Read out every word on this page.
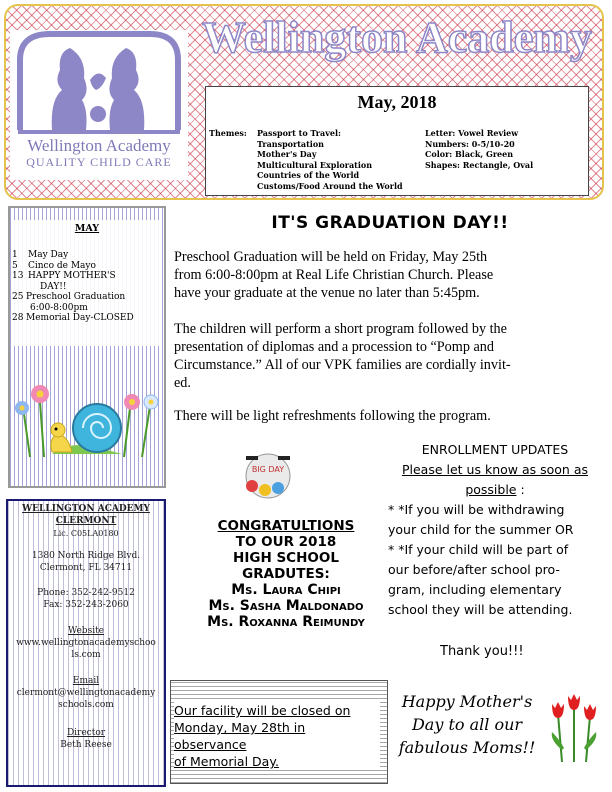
Wellington Academy
QUALITY CHILD CARE
Wellington Academy
May, 2018
Themes: Passport to Travel:
Transportation
Mother's Day
Multicultural Exploration
Countries of the World
Customs/Food Around the World
Letter: Vowel Review
Numbers: 0-5/10-20
Color: Black, Green
Shapes: Rectangle, Oval
MAY
1 May Day
5 Cinco de Mayo
13 HAPPY MOTHER'S
DAY!!
25 Preschool Graduation
6:00-8:00pm
28 Memorial Day-CLOSED
WELLINGTON ACADEMY
CLERMONT
Lic. C05LA0180
1380 North Ridge Blvd.
Clermont, FL 34711
Phone: 352-242-9512
Fax: 352-243-2060
Website
www.wellingtonacademyschoo
ls.com
Email
clermont@wellingtonacademy
schools.com
Director
Beth Reese
IT'S GRADUATION DAY!!
Preschool Graduation will be held on Friday, May 25th
from 6:00-8:00pm at Real Life Christian Church. Please
have your graduate at the venue no later than 5:45pm.
The children will perform a short program followed by the
presentation of diplomas and a procession to “Pomp and
Circumstance.” All of our VPK families are cordially invit-
ed.
There will be light refreshments following the program.
BIG DAY
CONGRATULTIONS
TO OUR 2018
HIGH SCHOOL
GRADUTES:
Ms. Laura Chipi
Ms. Sasha Maldonado
Ms. Roxanna Reimundy
Our facility will be closed on
Monday, May 28th in observance
of Memorial Day.
ENROLLMENT UPDATES
Please let us know as soon as
possible :
* *If you will be withdrawing
your child for the summer OR
* *If your child will be part of
our before/after school pro-
gram, including elementary
school they will be attending.
Thank you!!!
Happy Mother's
Day to all our
fabulous Moms!!
